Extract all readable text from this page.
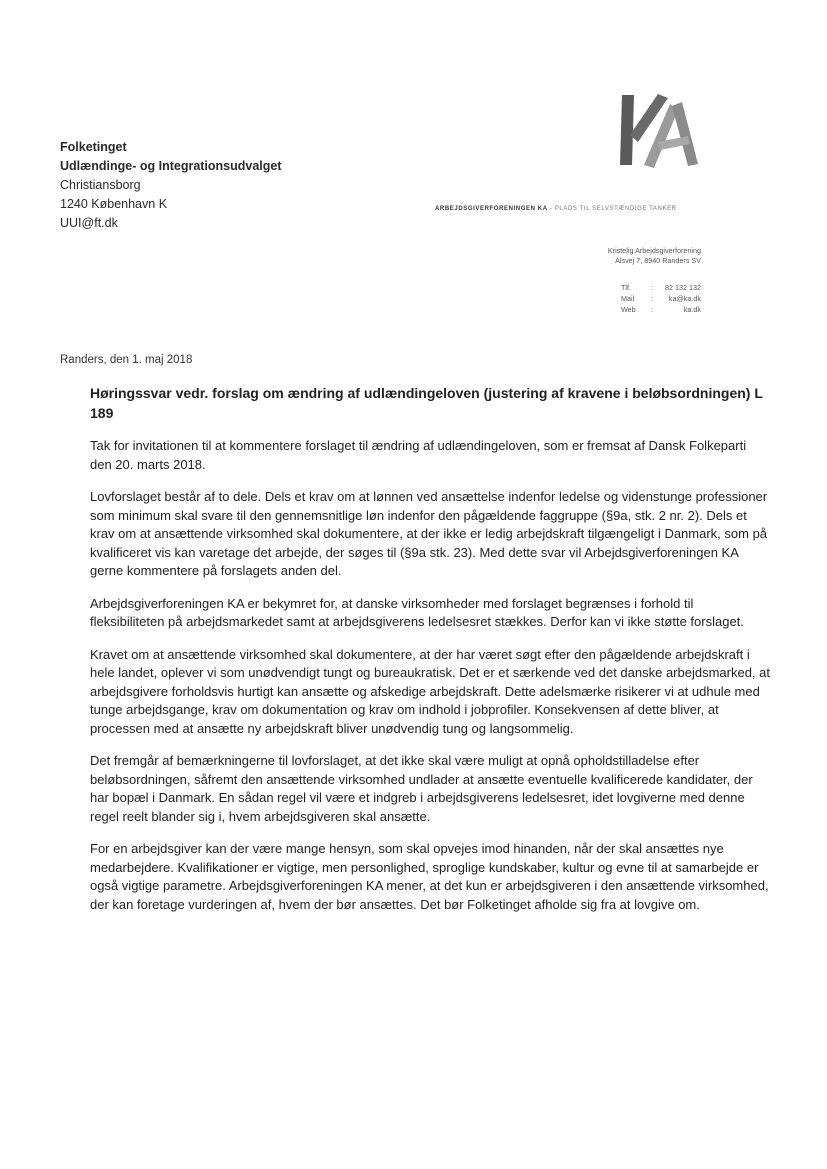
Folketinget
Udlændinge- og Integrationsudvalget
Christiansborg
1240 København K
UUI@ft.dk
ARBEJDSGIVERFORENINGEN KA - PLADS TIL SELVSTÆNDIGE TANKER
Kristelig Arbejdsgiverforening
Alsvej 7, 8940 Randers SV
Tlf.	:	82 132 132
Mail	:	ka@ka.dk
Web	:	ka.dk
Randers, den 1. maj 2018
Høringssvar vedr. forslag om ændring af udlændingeloven (justering af kravene i beløbsordningen) L 189

Tak for invitationen til at kommentere forslaget til ændring af udlændingeloven, som er fremsat af Dansk Folkeparti den 20. marts 2018.

Lovforslaget består af to dele. Dels et krav om at lønnen ved ansættelse indenfor ledelse og videnstunge professioner som minimum skal svare til den gennemsnitlige løn indenfor den pågældende faggruppe (§9a, stk. 2 nr. 2). Dels et krav om at ansættende virksomhed skal dokumentere, at der ikke er ledig arbejdskraft tilgængeligt i Danmark, som på kvalificeret vis kan varetage det arbejde, der søges til (§9a stk. 23). Med dette svar vil Arbejdsgiverforeningen KA gerne kommentere på forslagets anden del.

Arbejdsgiverforeningen KA er bekymret for, at danske virksomheder med forslaget begrænses i forhold til fleksibiliteten på arbejdsmarkedet samt at arbejdsgiverens ledelsesret stækkes. Derfor kan vi ikke støtte forslaget.

Kravet om at ansættende virksomhed skal dokumentere, at der har været søgt efter den pågældende arbejdskraft i hele landet, oplever vi som unødvendigt tungt og bureaukratisk. Det er et særkende ved det danske arbejdsmarked, at arbejdsgivere forholdsvis hurtigt kan ansætte og afskedige arbejdskraft. Dette adelsmærke risikerer vi at udhule med tunge arbejdsgange, krav om dokumentation og krav om indhold i jobprofiler. Konsekvensen af dette bliver, at processen med at ansætte ny arbejdskraft bliver unødvendig tung og langsommelig.

Det fremgår af bemærkningerne til lovforslaget, at det ikke skal være muligt at opnå opholdstilladelse efter beløbsordningen, såfremt den ansættende virksomhed undlader at ansætte eventuelle kvalificerede kandidater, der har bopæl i Danmark. En sådan regel vil være et indgreb i arbejdsgiverens ledelsesret, idet lovgiverne med denne regel reelt blander sig i, hvem arbejdsgiveren skal ansætte.

For en arbejdsgiver kan der være mange hensyn, som skal opvejes imod hinanden, når der skal ansættes nye medarbejdere. Kvalifikationer er vigtige, men personlighed, sproglige kundskaber, kultur og evne til at samarbejde er også vigtige parametre. Arbejdsgiverforeningen KA mener, at det kun er arbejdsgiveren i den ansættende virksomhed, der kan foretage vurderingen af, hvem der bør ansættes. Det bør Folketinget afholde sig fra at lovgive om.
